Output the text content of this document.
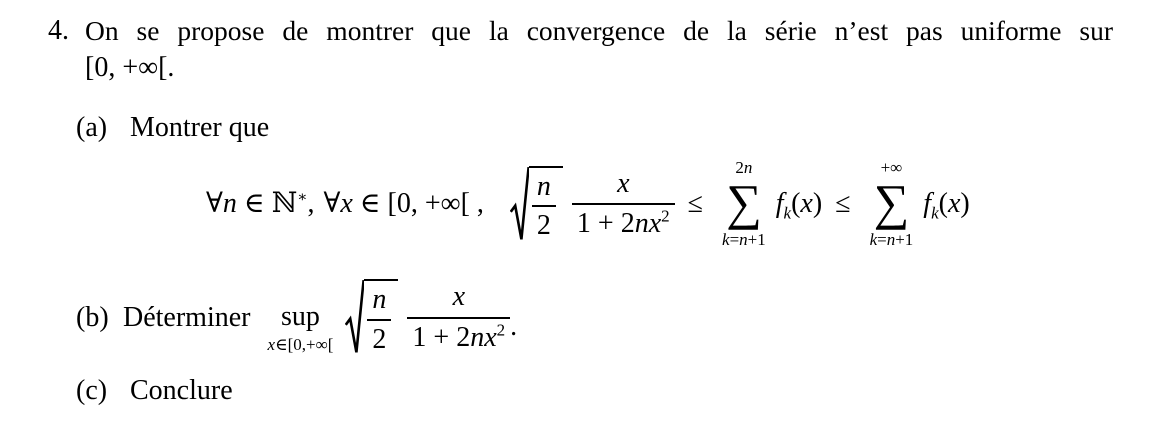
4. On se propose de montrer que la convergence de la série n’est pas uniforme sur
[0, +∞[.
(a) Montrer que
∀n ∈ ℕ∗, ∀x ∈ [0, +∞[ , $\frac{n}{2} \frac{x}{1 + 2nx^2}$ ≤
2n
∑
k=n+1
$f_k(x)$ ≤
+∞
∑
k=n+1
$f_k(x)$
(b) Déterminer sup
x∈[0,+∞[ $\frac{n}{2} \frac{x}{1 + 2nx^2}$ .
(c) Conclure
